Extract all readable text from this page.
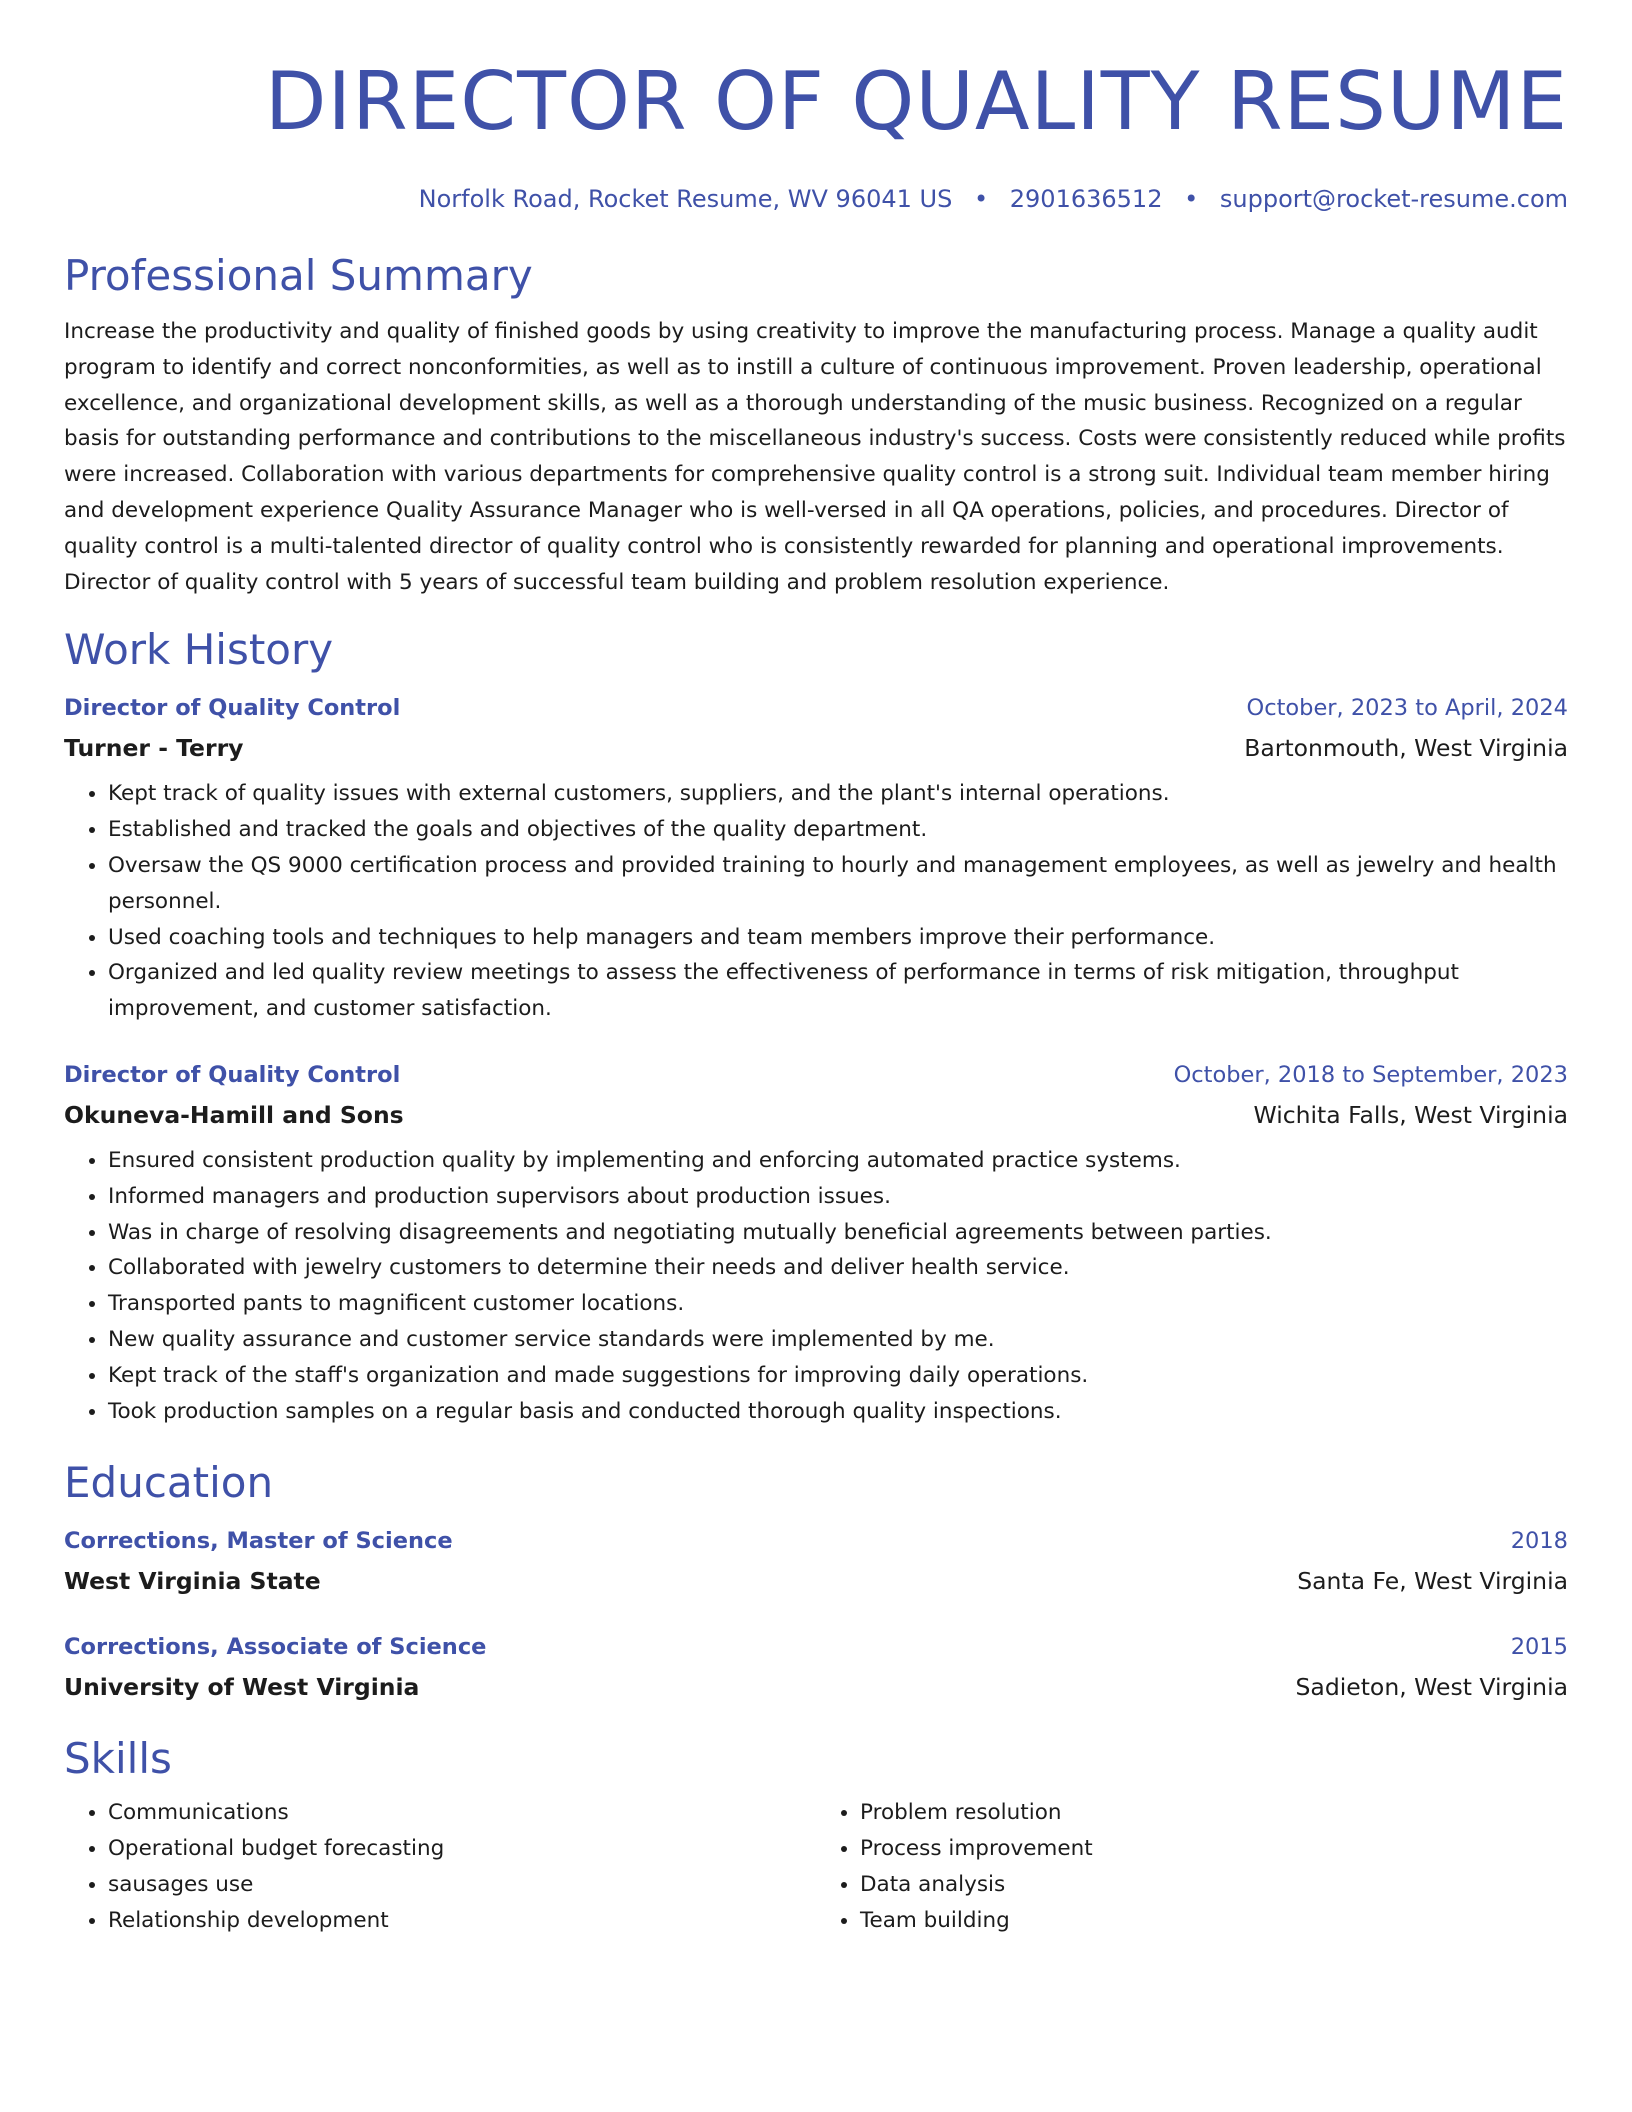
DIRECTOR OF QUALITY RESUME
Norfolk Road, Rocket Resume, WV 96041 US • 2901636512 • support@rocket-resume.com
Professional Summary

Increase the productivity and quality of finished goods by using creativity to improve the manufacturing process. Manage a quality audit program to identify and correct nonconformities, as well as to instill a culture of continuous improvement. Proven leadership, operational excellence, and organizational development skills, as well as a thorough understanding of the music business. Recognized on a regular basis for outstanding performance and contributions to the miscellaneous industry's success. Costs were consistently reduced while profits were increased. Collaboration with various departments for comprehensive quality control is a strong suit. Individual team member hiring and development experience Quality Assurance Manager who is well-versed in all QA operations, policies, and procedures. Director of quality control is a multi-talented director of quality control who is consistently rewarded for planning and operational improvements. Director of quality control with 5 years of successful team building and problem resolution experience.

Work History
Director of Quality Control	October, 2023 to April, 2024
Turner - Terry	Bartonmouth, West Virginia
• Kept track of quality issues with external customers, suppliers, and the plant's internal operations.
• Established and tracked the goals and objectives of the quality department.
• Oversaw the QS 9000 certification process and provided training to hourly and management employees, as well as jewelry and health personnel.
• Used coaching tools and techniques to help managers and team members improve their performance.
• Organized and led quality review meetings to assess the effectiveness of performance in terms of risk mitigation, throughput improvement, and customer satisfaction.
Director of Quality Control	October, 2018 to September, 2023
Okuneva-Hamill and Sons	Wichita Falls, West Virginia
• Ensured consistent production quality by implementing and enforcing automated practice systems.
• Informed managers and production supervisors about production issues.
• Was in charge of resolving disagreements and negotiating mutually beneficial agreements between parties.
• Collaborated with jewelry customers to determine their needs and deliver health service.
• Transported pants to magnificent customer locations.
• New quality assurance and customer service standards were implemented by me.
• Kept track of the staff's organization and made suggestions for improving daily operations.
• Took production samples on a regular basis and conducted thorough quality inspections.
Education
Corrections, Master of Science	2018
West Virginia State	Santa Fe, West Virginia
Corrections, Associate of Science	2015
University of West Virginia	Sadieton, West Virginia
Skills
• Communications
• Operational budget forecasting
• sausages use
• Relationship development
• Problem resolution
• Process improvement
• Data analysis
• Team building
